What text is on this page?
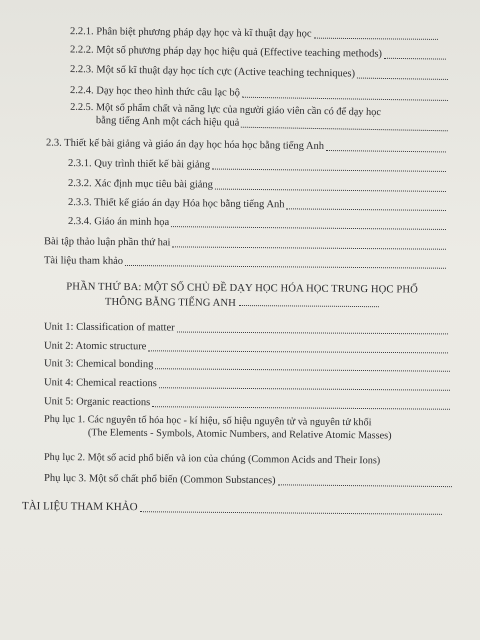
2.2.1. Phân biệt phương pháp dạy học và kĩ thuật dạy học
2.2.2. Một số phương pháp dạy học hiệu quả (Effective teaching methods)
2.2.3. Một số kĩ thuật dạy học tích cực (Active teaching techniques)
2.2.4. Dạy học theo hình thức câu lạc bộ
2.2.5. Một số phẩm chất và năng lực của người giáo viên cần có để dạy học
bằng tiếng Anh một cách hiệu quả
2.3. Thiết kế bài giảng và giáo án dạy học hóa học bằng tiếng Anh
2.3.1. Quy trình thiết kế bài giảng
2.3.2. Xác định mục tiêu bài giảng
2.3.3. Thiết kế giáo án dạy Hóa học bằng tiếng Anh
2.3.4. Giáo án minh họa
Bài tập thảo luận phần thứ hai
Tài liệu tham khảo
PHẦN THỨ BA: MỘT SỐ CHỦ ĐỀ DẠY HỌC HÓA HỌC TRUNG HỌC PHỔ
THÔNG BẰNG TIẾNG ANH
Unit 1: Classification of matter
Unit 2: Atomic structure
Unit 3: Chemical bonding
Unit 4: Chemical reactions
Unit 5: Organic reactions
Phụ lục 1. Các nguyên tố hóa học - kí hiệu, số hiệu nguyên tử và nguyên tử khối
(The Elements - Symbols, Atomic Numbers, and Relative Atomic Masses)
Phụ lục 2. Một số acid phổ biến và ion của chúng (Common Acids and Their Ions)
Phụ lục 3. Một số chất phổ biến (Common Substances)
TÀI LIỆU THAM KHẢO
